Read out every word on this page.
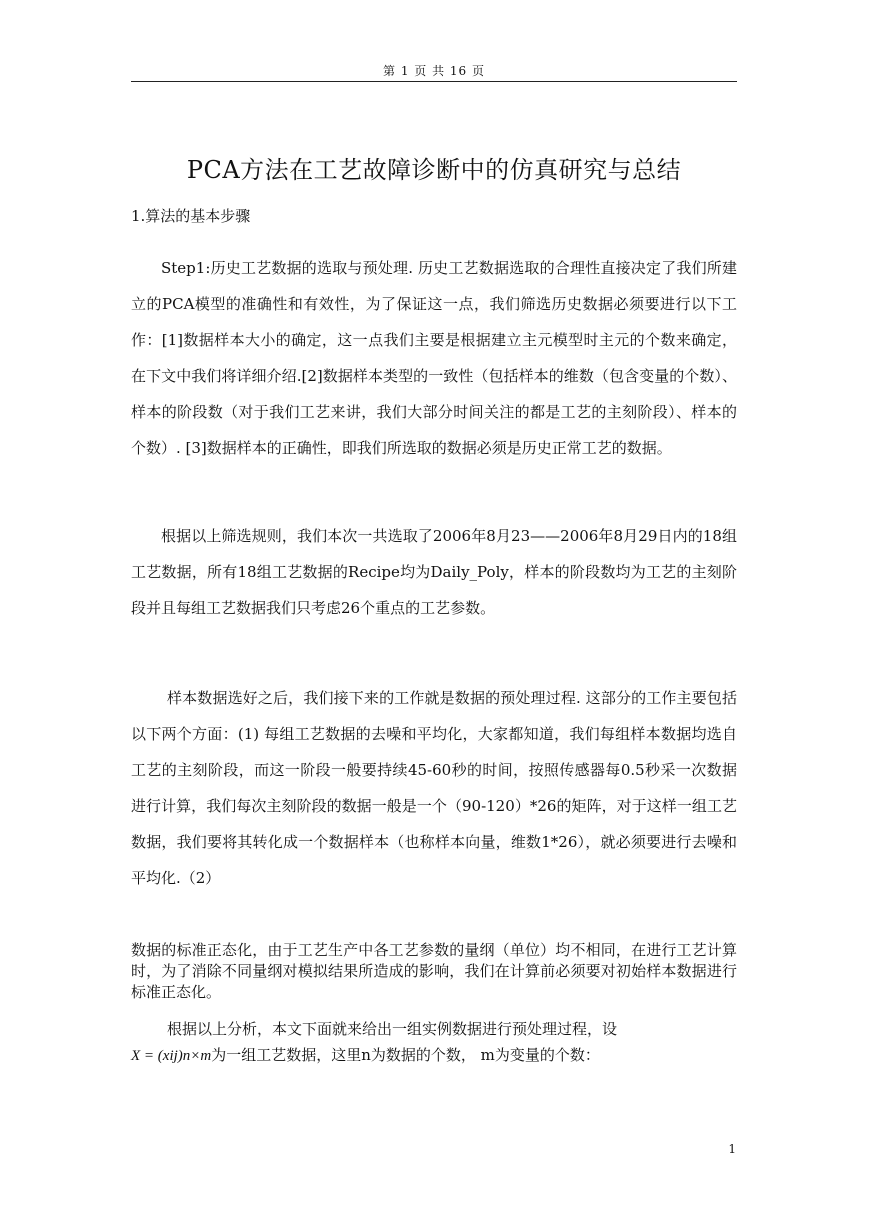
第 1 页 共 16 页
PCA方法在工艺故障诊断中的仿真研究与总结
1.算法的基本步骤
Step1:历史工艺数据的选取与预处理. 历史工艺数据选取的合理性直接决定了我们所建立的PCA模型的准确性和有效性，为了保证这一点，我们筛选历史数据必须要进行以下工作：[1]数据样本大小的确定，这一点我们主要是根据建立主元模型时主元的个数来确定，在下文中我们将详细介绍.[2]数据样本类型的一致性（包括样本的维数（包含变量的个数）、样本的阶段数（对于我们工艺来讲，我们大部分时间关注的都是工艺的主刻阶段）、样本的个数）. [3]数据样本的正确性，即我们所选取的数据必须是历史正常工艺的数据。
根据以上筛选规则，我们本次一共选取了2006年8月23——2006年8月29日内的18组工艺数据，所有18组工艺数据的Recipe均为Daily_Poly，样本的阶段数均为工艺的主刻阶段并且每组工艺数据我们只考虑26个重点的工艺参数。
样本数据选好之后，我们接下来的工作就是数据的预处理过程. 这部分的工作主要包括以下两个方面：(1) 每组工艺数据的去噪和平均化，大家都知道，我们每组样本数据均选自工艺的主刻阶段，而这一阶段一般要持续45-60秒的时间，按照传感器每0.5秒采一次数据进行计算，我们每次主刻阶段的数据一般是一个（90-120）*26的矩阵，对于这样一组工艺数据，我们要将其转化成一个数据样本（也称样本向量，维数1*26），就必须要进行去噪和平均化.（2）
数据的标准正态化，由于工艺生产中各工艺参数的量纲（单位）均不相同，在进行工艺计算时，为了消除不同量纲对模拟结果所造成的影响，我们在计算前必须要对初始样本数据进行标准正态化。
根据以上分析，本文下面就来给出一组实例数据进行预处理过程，设
X = (xij)n×m为一组工艺数据，这里n为数据的个数， m为变量的个数：
1
